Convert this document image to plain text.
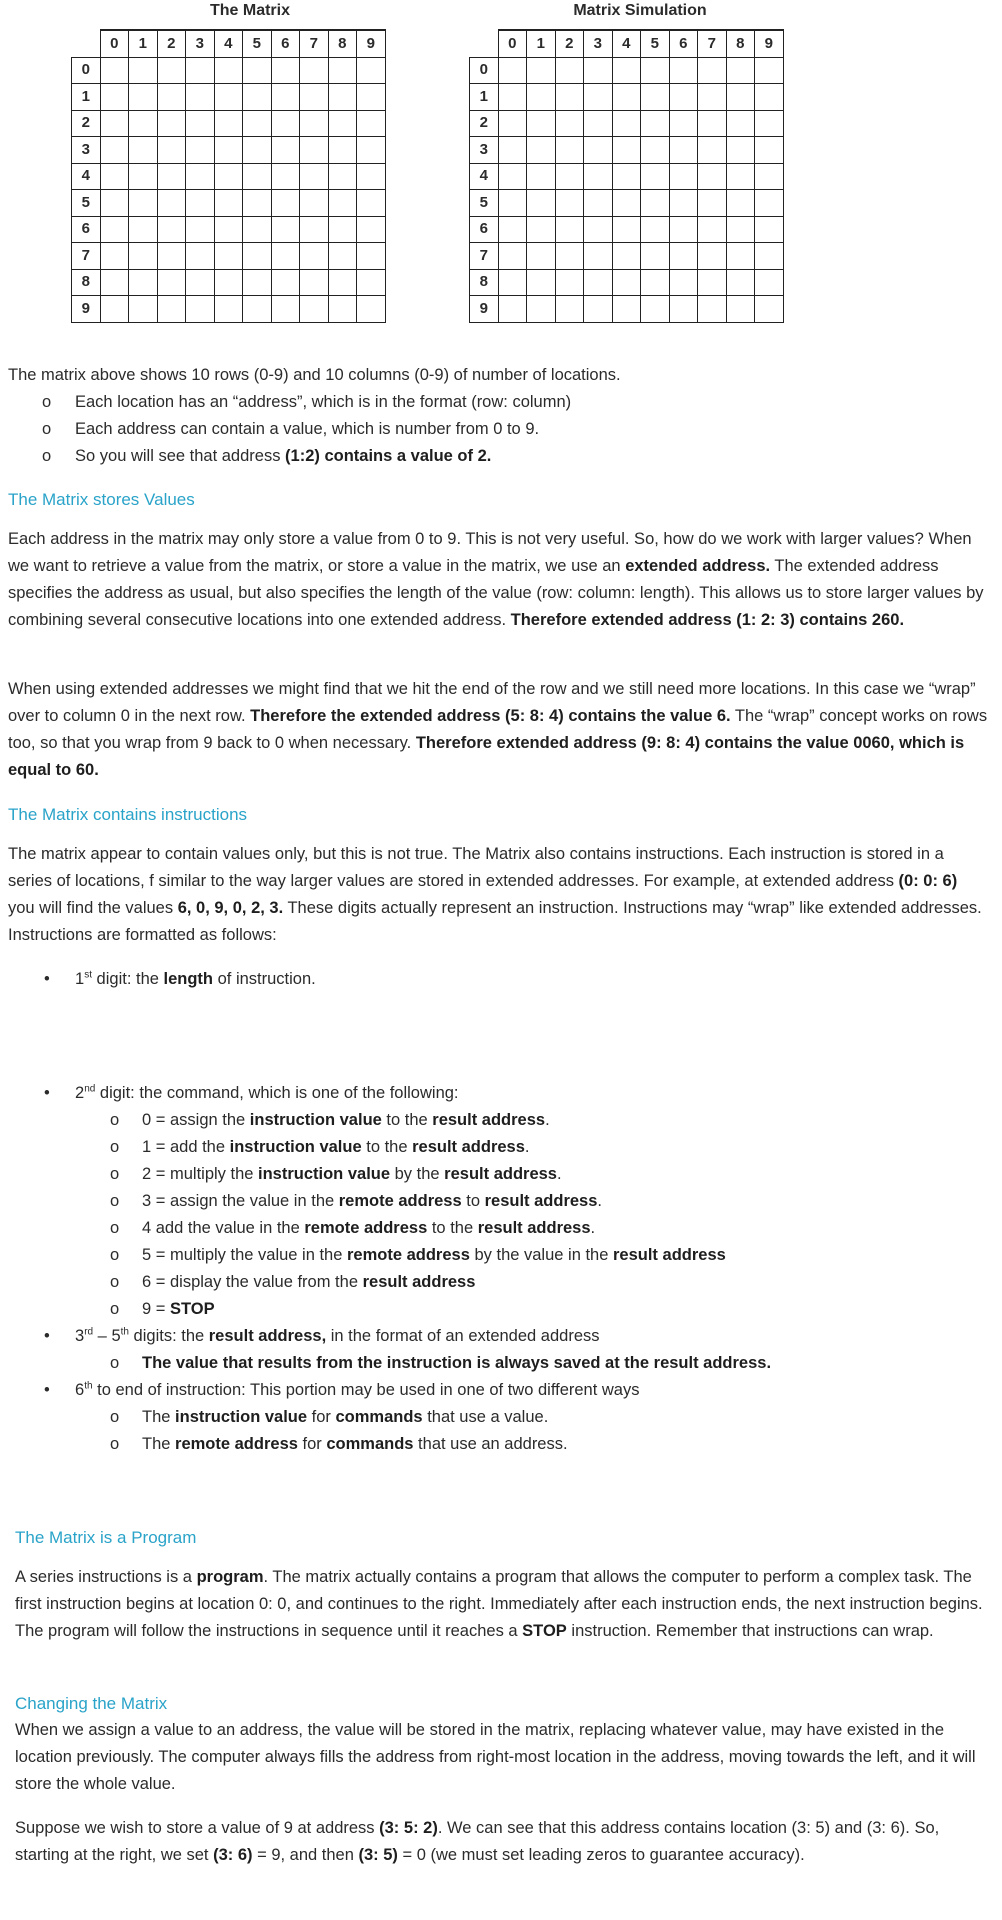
The Matrix
	0	1	2	3	4	5	6	7	8	9
0										
1										
2										
3										
4										
5										
6										
7										
8										
9										
Matrix Simulation
	0	1	2	3	4	5	6	7	8	9
0										
1										
2										
3										
4										
5										
6										
7										
8										
9										

The matrix above shows 10 rows (0-9) and 10 columns (0-9) of number of locations.

o Each location has an “address”, which is in the format (row: column)

o Each address can contain a value, which is number from 0 to 9.

o So you will see that address (1:2) contains a value of 2.

The Matrix stores Values

Each address in the matrix may only store a value from 0 to 9. This is not very useful. So, how do we work with larger values? When we want to retrieve a value from the matrix, or store a value in the matrix, we use an extended address. The extended address specifies the address as usual, but also specifies the length of the value (row: column: length). This allows us to store larger values by combining several consecutive locations into one extended address. Therefore extended address (1: 2: 3) contains 260.

When using extended addresses we might find that we hit the end of the row and we still need more locations. In this case we “wrap” over to column 0 in the next row. Therefore the extended address (5: 8: 4) contains the value 6. The “wrap” concept works on rows too, so that you wrap from 9 back to 0 when necessary. Therefore extended address (9: 8: 4) contains the value 0060, which is equal to 60.

The Matrix contains instructions

The matrix appear to contain values only, but this is not true. The Matrix also contains instructions. Each instruction is stored in a series of locations, f similar to the way larger values are stored in extended addresses. For example, at extended address (0: 0: 6) you will find the values 6, 0, 9, 0, 2, 3. These digits actually represent an instruction. Instructions may “wrap” like extended addresses. Instructions are formatted as follows:

• 1st digit: the length of instruction.

• 2nd digit: the command, which is one of the following:

o 0 = assign the instruction value to the result address.

o 1 = add the instruction value to the result address.

o 2 = multiply the instruction value by the result address.

o 3 = assign the value in the remote address to result address.

o 4 add the value in the remote address to the result address.

o 5 = multiply the value in the remote address by the value in the result address

o 6 = display the value from the result address

o 9 = STOP

• 3rd – 5th digits: the result address, in the format of an extended address

o The value that results from the instruction is always saved at the result address.

• 6th to end of instruction: This portion may be used in one of two different ways

o The instruction value for commands that use a value.

o The remote address for commands that use an address.

The Matrix is a Program

A series instructions is a program. The matrix actually contains a program that allows the computer to perform a complex task. The first instruction begins at location 0: 0, and continues to the right. Immediately after each instruction ends, the next instruction begins. The program will follow the instructions in sequence until it reaches a STOP instruction. Remember that instructions can wrap.

Changing the Matrix

When we assign a value to an address, the value will be stored in the matrix, replacing whatever value, may have existed in the location previously. The computer always fills the address from right-most location in the address, moving towards the left, and it will store the whole value.

Suppose we wish to store a value of 9 at address (3: 5: 2). We can see that this address contains location (3: 5) and (3: 6). So, starting at the right, we set (3: 6) = 9, and then (3: 5) = 0 (we must set leading zeros to guarantee accuracy).
